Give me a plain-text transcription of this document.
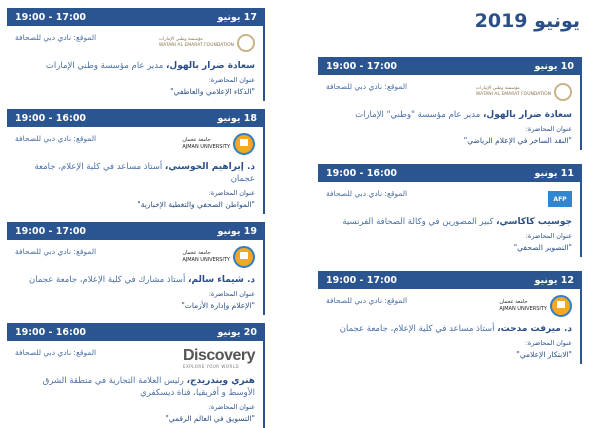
يونيو 2019
19:00 - 17:00	10 يونيو
مؤسسة وطني الإمارات
WATANI AL EMARAT FOUNDATION
الموقع: نادي دبي للصحافة
سعادة ضرار بالهول، مدير عام مؤسسة "وطني" الإمارات
عنوان المحاضرة:
"النقد الساخر في الإعلام الرياضي"
19:00 - 16:00	11 يونيو
AFP
الموقع: نادي دبي للصحافة
جوسيب كاكاسي، كبير المصورين في وكالة الصحافة الفرنسية
عنوان المحاضرة:
"التصوير الصحفي"
19:00 - 17:00	12 يونيو
جامعة عجمان
AJMAN UNIVERSITY
الموقع: نادي دبي للصحافة
د. ميرفت مدحت، أستاذ مساعد في كلية الإعلام، جامعة عجمان
عنوان المحاضرة:
"الابتكار الإعلامي"
19:00 - 17:00	17 يونيو
مؤسسة وطني الإمارات
WATANI AL EMARAT FOUNDATION
الموقع: نادي دبي للصحافة
سعادة ضرار بالهول، مدير عام مؤسسة وطني الإمارات
عنوان المحاضرة:
"الذكاء الإعلامي والعاطفي"
19:00 - 16:00	18 يونيو
جامعة عجمان
AJMAN UNIVERSITY
الموقع: نادي دبي للصحافة
د. إبراهيم الحوسني، أستاذ مساعد في كلية الإعلام، جامعة عجمان
عنوان المحاضرة:
"المواطن الصحفي والتغطية الإخبارية"
19:00 - 17:00	19 يونيو
جامعة عجمان
AJMAN UNIVERSITY
الموقع: نادي دبي للصحافة
د. شيماء سالم، أستاذ مشارك في كلية الإعلام، جامعة عجمان
عنوان المحاضرة:
"الإعلام وإدارة الأزمات"
19:00 - 16:00	20 يونيو
Discovery
EXPLORE YOUR WORLD
الموقع: نادي دبي للصحافة
هنري ويندريدج، رئيس العلامة التجارية في منطقة الشرق الأوسط و أفريقيا، قناة ديسكفري
عنوان المحاضرة:
"التسويق في العالم الرقمي"
